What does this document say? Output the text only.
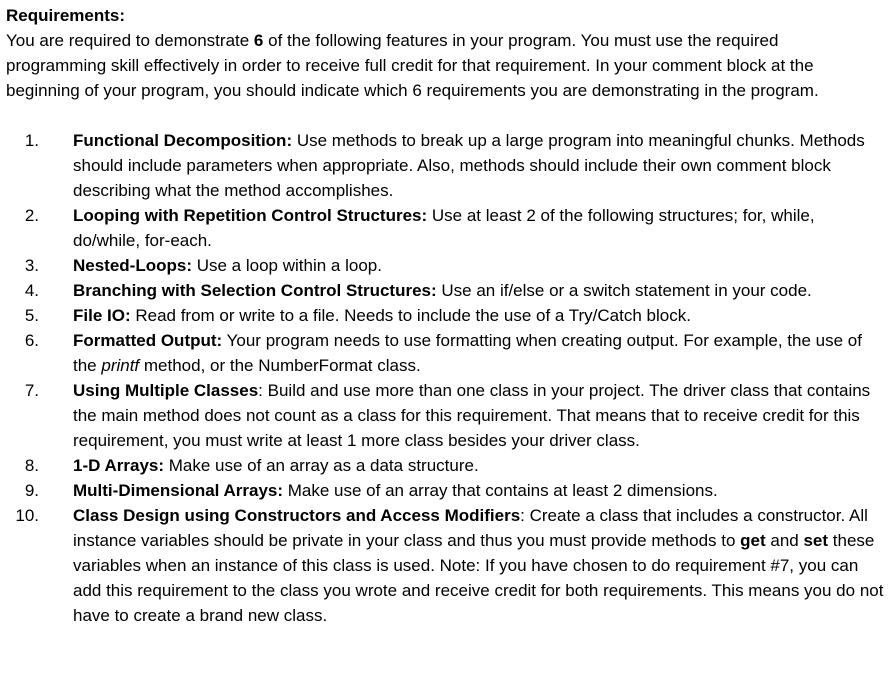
Requirements:

You are required to demonstrate 6 of the following features in your program. You must use the required programming skill effectively in order to receive full credit for that requirement. In your comment block at the beginning of your program, you should indicate which 6 requirements you are demonstrating in the program.

1.	Functional Decomposition: Use methods to break up a large program into meaningful chunks. Methods should include parameters when appropriate. Also, methods should include their own comment block describing what the method accomplishes.
2.	Looping with Repetition Control Structures: Use at least 2 of the following structures; for, while, do/while, for-each.
3.	Nested-Loops: Use a loop within a loop.
4.	Branching with Selection Control Structures: Use an if/else or a switch statement in your code.
5.	File IO: Read from or write to a file. Needs to include the use of a Try/Catch block.
6.	Formatted Output: Your program needs to use formatting when creating output. For example, the use of the printf method, or the NumberFormat class.
7.	Using Multiple Classes: Build and use more than one class in your project. The driver class that contains the main method does not count as a class for this requirement. That means that to receive credit for this requirement, you must write at least 1 more class besides your driver class.
8.	1-D Arrays: Make use of an array as a data structure.
9.	Multi-Dimensional Arrays: Make use of an array that contains at least 2 dimensions.
10.	Class Design using Constructors and Access Modifiers: Create a class that includes a constructor. All instance variables should be private in your class and thus you must provide methods to get and set these variables when an instance of this class is used. Note: If you have chosen to do requirement #7, you can add this requirement to the class you wrote and receive credit for both requirements. This means you do not have to create a brand new class.
